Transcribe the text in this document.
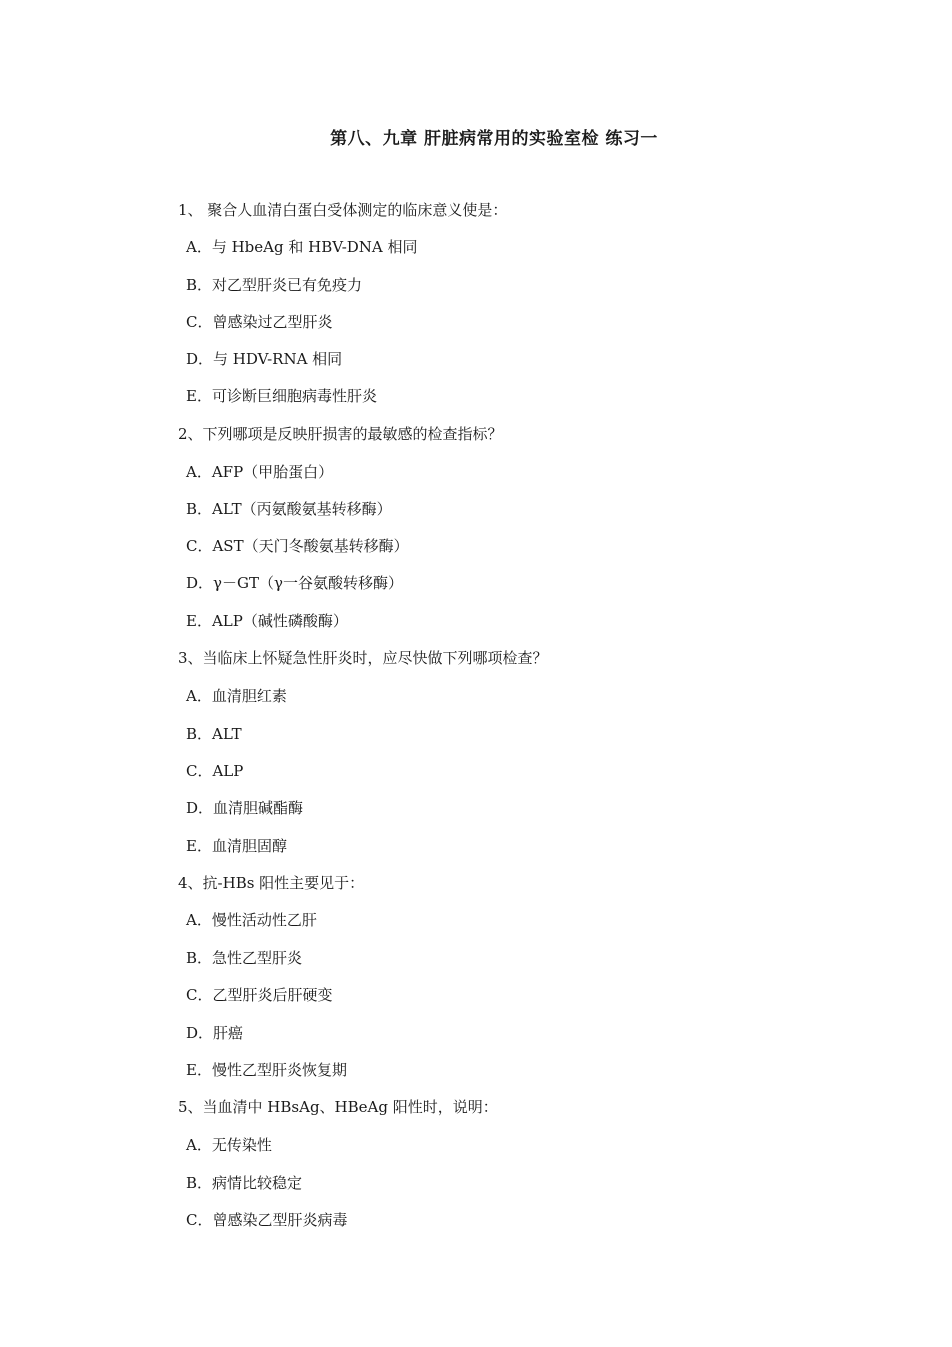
第八、九章 肝脏病常用的实验室检 练习一
1、 聚合人血清白蛋白受体测定的临床意义使是：
A．与 HbeAg 和 HBV-DNA 相同
B．对乙型肝炎已有免疫力
C．曾感染过乙型肝炎
D．与 HDV-RNA 相同
E．可诊断巨细胞病毒性肝炎
2、下列哪项是反映肝损害的最敏感的检查指标？
A．AFP（甲胎蛋白）
B．ALT（丙氨酸氨基转移酶）
C．AST（天门冬酸氨基转移酶）
D．γ－GT（γ一谷氨酸转移酶）
E．ALP（碱性磷酸酶）
3、当临床上怀疑急性肝炎时，应尽快做下列哪项检查？
A．血清胆红素
B．ALT
C．ALP
D．血清胆碱酯酶
E．血清胆固醇
4、抗-HBs 阳性主要见于：
A．慢性活动性乙肝
B．急性乙型肝炎
C．乙型肝炎后肝硬变
D．肝癌
E．慢性乙型肝炎恢复期
5、当血清中 HBsAg、HBeAg 阳性时，说明：
A．无传染性
B．病情比较稳定
C．曾感染乙型肝炎病毒
